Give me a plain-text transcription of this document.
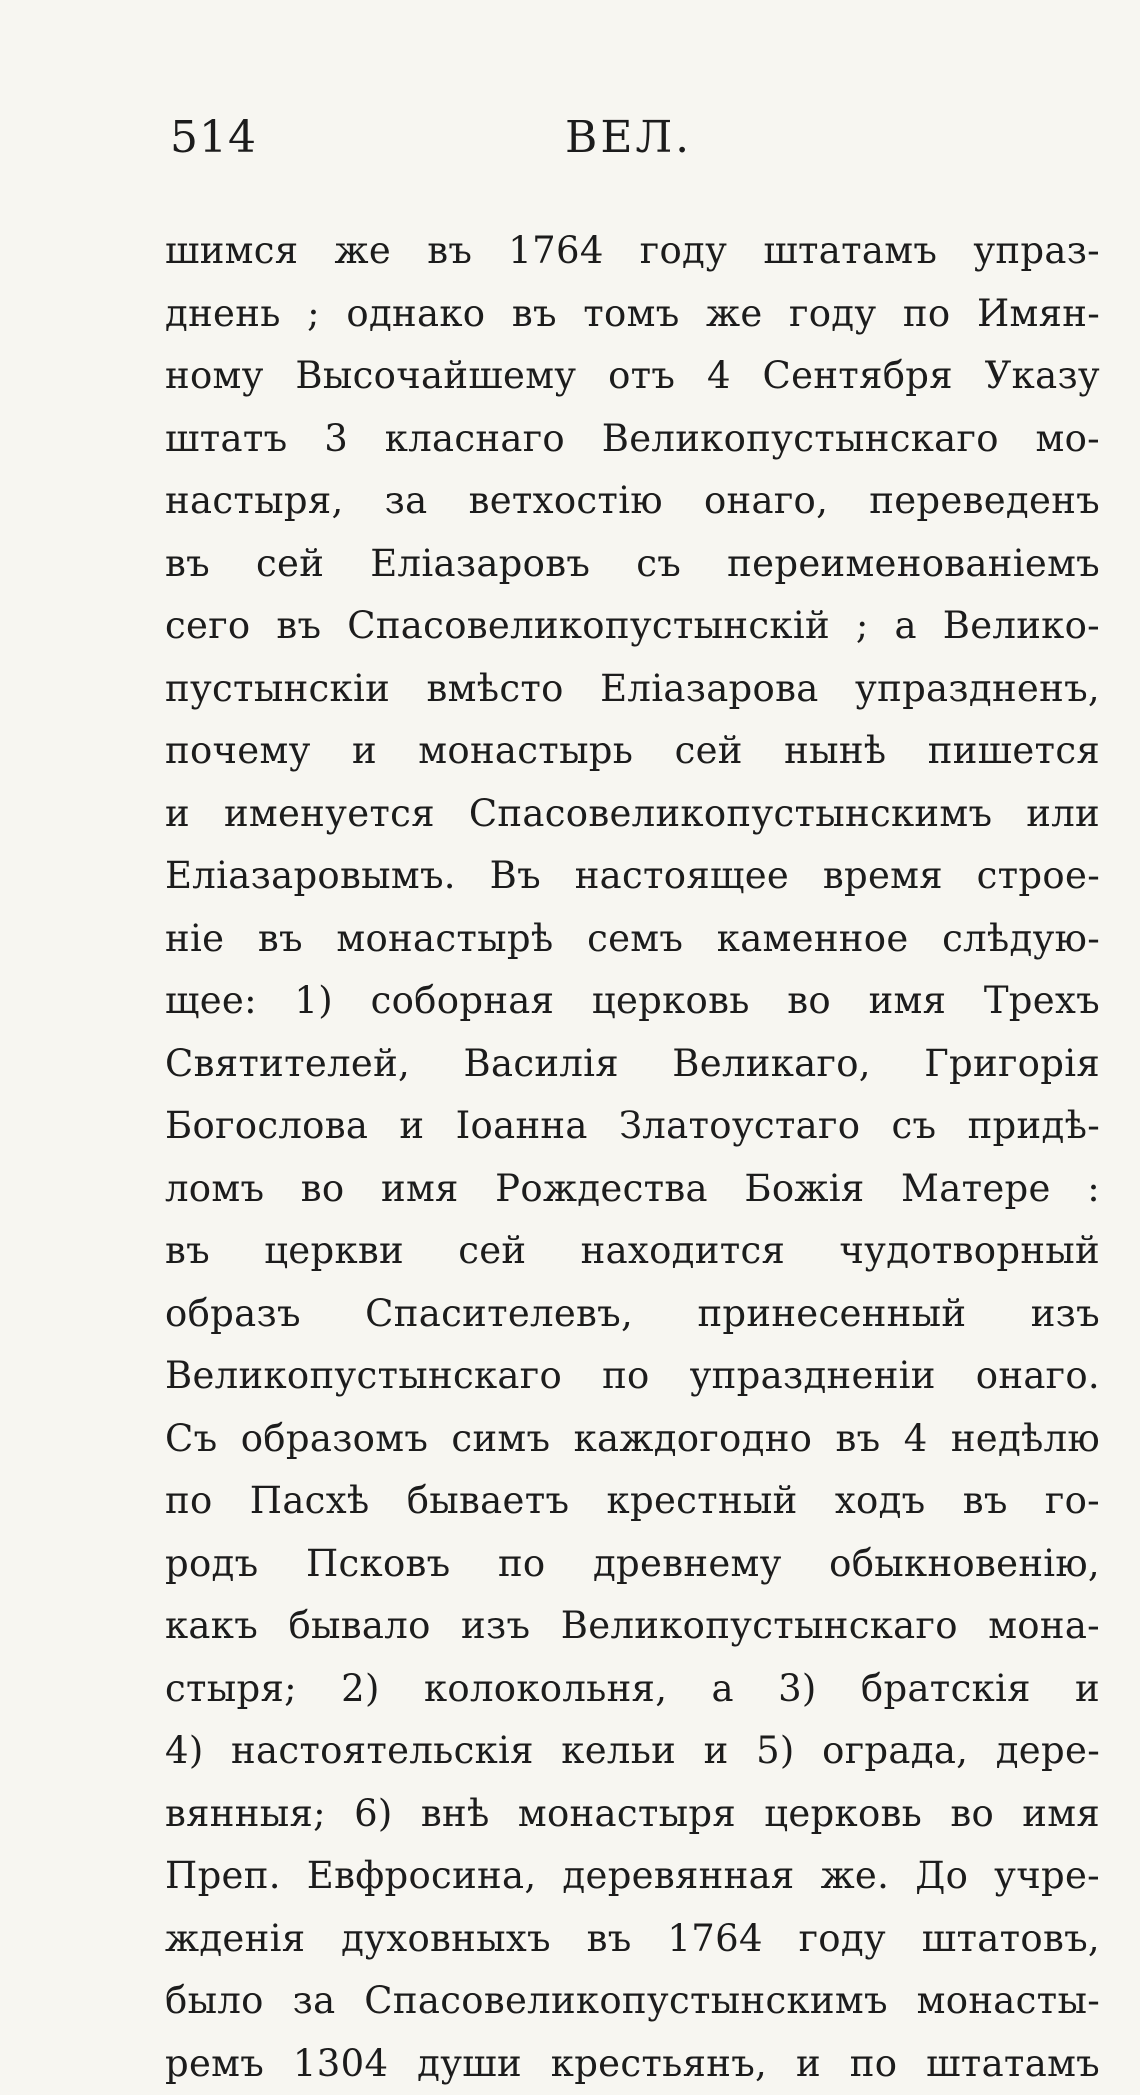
514	ВЕЛ.
шимся же въ 1764 году штатамъ упраз-
днень ; однако въ томъ же году по Имян-
ному Высочайшему отъ 4 Сентября Указу
штатъ 3 класнаго Великопустынскаго мо-
настыря, за ветхостію онаго, переведенъ
въ сей Еліазаровъ съ переименованіемъ
сего въ Спасовеликопустынскій ; а Велико-
пустынскіи вмѣсто Еліазарова упраздненъ,
почему и монастырь сей нынѣ пишется
и именуется Спасовеликопустынскимъ или
Еліазаровымъ. Въ настоящее время строе-
ніе въ монастырѣ семъ каменное слѣдую-
щее: 1) соборная церковь во имя Трехъ
Святителей, Василія Великаго, Григорія
Богослова и Іоанна Златоустаго съ придѣ-
ломъ во имя Рождества Божія Матере :
въ церкви сей находится чудотворный
образъ Спасителевъ, принесенный изъ
Великопустынскаго по упраздненіи онаго.
Съ образомъ симъ каждогодно въ 4 недѣлю
по Пасхѣ бываетъ крестный ходъ въ го-
родъ Псковъ по древнему обыкновенію,
какъ бывало изъ Великопустынскаго мона-
стыря; 2) колокольня, а 3) братскія и
4) настоятельскія кельи и 5) ограда, дере-
вянныя; 6) внѣ монастыря церковь во имя
Преп. Евфросина, деревянная же. До учре-
жденія духовныхъ въ 1764 году штатовъ,
было за Спасовеликопустынскимъ монасты-
ремъ 1304 души крестьянъ, и по штатамъ
